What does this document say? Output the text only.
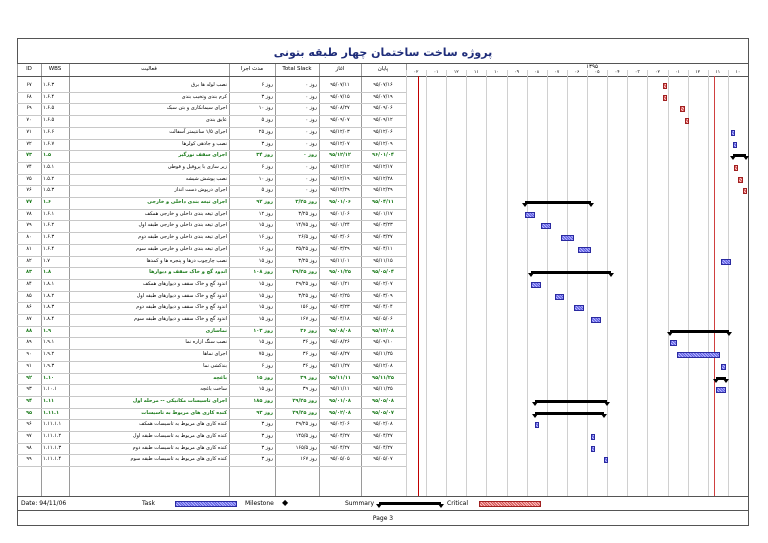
پروژه ساخت ساختمان چهار طبقه بتونی
Date: 94/11/06	Task	Milestone ◆	Summary	Critical
Page 3
ID	WBS	فعالیت	مدت اجرا	Total Slack	آغاز	پایان	۱۳۹۵
۱۰
۱۱
۱۲
۰۱
۰۲
۰۳
۰۴
۰۵
۰۶
۰۷
۰۸
۰۹
۱۰
۱۱
۱۲
۰۱
۰۲
۶۷	۱.۶.۳	نصب لوله ها برق	۶ روز	۰ روز	۹۵/۰۷/۱۱	۹۵/۰۷/۱۶
۶۸	۱.۶.۴	کرم بندی وتخیب بندی	۳ روز	۰ روز	۹۵/۰۷/۱۵	۹۵/۰۷/۱۹
۶۹	۱.۶.۵	اجرای سیمانکاری و بتن سبک	۱۰ روز	۰ روز	۹۵/۰۸/۲۷	۹۵/۰۹/۰۶
۷۰	۱.۶.۵	عایق بندی	۵ روز	۰ روز	۹۵/۰۹/۰۷	۹۵/۰۹/۱۲
۷۱	۱.۶.۶	اجرای ۱/۵ سانتیمتر آسفالت	۲۵ روز	۰ روز	۹۵/۱۲/۰۳	۹۵/۱۲/۰۶
۷۲	۱.۶.۷	نصب و جاذهی کولرها	۳ روز	۰ روز	۹۵/۱۲/۰۷	۹۵/۱۲/۰۹
۷۳	۱.۵	اجرای سقف نورگیر	۳۴ روز	۰ روز	۹۵/۱۲/۱۲	۹۶/۰۱/۰۴
۷۴	۱.۵.۱	زیر سازی با پروفیل و قوطی	۶ روز	۰ روز	۹۵/۱۲/۱۲	۹۵/۱۲/۱۷
۷۵	۱.۵.۲	نصب پوشش شیشه	۱۰ روز	۰ روز	۹۵/۱۲/۱۹	۹۵/۱۲/۲۸
۷۶	۱.۵.۳	اجرای درپوش دست انداز	۵ روز	۰ روز	۹۵/۱۲/۲۹	۹۵/۱۲/۲۹
۷۷	۱.۶	اجرای تیغه بندی داخلی و خارجی	۹۲ روز	۳/۲۵ روز	۹۵/۰۱/۰۶	۹۵/۰۴/۱۱
۷۸	۱.۶.۱	اجرای تیغه بندی داخلی و خارجی همکف	۱۲ روز	۳/۲۵ روز	۹۵/۰۱/۰۶	۹۵/۰۱/۱۷
۷۹	۱.۶.۲	اجرای تیغه بندی داخلی و خارجی طبقه اول	۱۵ روز	۱۴/۷۵ روز	۹۵/۰۱/۲۴	۹۵/۰۳/۲۳
۸۰	۱.۶.۳	اجرای تیغه بندی داخلی و خارجی طبقه دوم	۱۶ روز	۲۶/۵ روز	۹۵/۰۳/۰۶	۹۵/۰۳/۲۷
۸۱	۱.۶.۴	اجرای تیغه بندی داخلی و خارجی طبقه سوم	۱۶ روز	۳۵/۲۵ روز	۹۵/۰۳/۲۹	۹۵/۰۴/۱۱
۸۲	۱.۷	نصب چارچوب درها و پنجره ها و کمدها	۱۵ روز	۳/۲۵ روز	۹۵/۱۱/۰۱	۹۵/۱۱/۱۵
۸۳	۱.۸	اندود گچ و خاک سقف و دیوارها	۱۰۸ روز	۲۹/۲۵ روز	۹۵/۰۱/۲۵	۹۵/۰۵/۰۴
۸۴	۱.۸.۱	اندود گچ و خاک سقف و دیوارهای همکف	۱۵ روز	۲۹/۲۵ روز	۹۵/۰۱/۲۱	۹۵/۰۲/۰۷
۸۵	۱.۸.۲	اندود گچ و خاک سقف و دیوارهای طبقه اول	۱۵ روز	۳/۲۵ روز	۹۵/۰۲/۲۵	۹۵/۰۳/۰۹
۸۶	۱.۸.۳	اندود گچ و خاک سقف و دیوارهای طبقه دوم	۱۵ روز	۱۵۶ روز	۹۵/۰۳/۲۳	۹۵/۰۴/۰۴
۸۷	۱.۸.۴	اندود گچ و خاک سقف و دیوارهای طبقه سوم	۱۵ روز	۱۶۷ روز	۹۵/۰۴/۱۸	۹۵/۰۵/۰۶
۸۸	۱.۹	نماسازی	۱۰۳ روز	۳۶ روز	۹۵/۰۸/۰۸	۹۵/۱۲/۰۸
۸۹	۱.۹.۱	نصب سنگ ازاره نما	۱۵ روز	۳۶ روز	۹۵/۰۸/۲۶	۹۵/۰۹/۱۰
۹۰	۱.۹.۲	اجرای نماها	۷۵ روز	۳۶ روز	۹۵/۰۸/۲۷	۹۵/۱۱/۲۵
۹۱	۱.۹.۳	بندکشی نما	۶ روز	۳۶ روز	۹۵/۱۱/۲۷	۹۵/۱۲/۰۸
۹۲	۱.۱۰	باغچه	۱۵ روز	۳۹ روز	۹۵/۱۱/۱۱	۹۵/۱۱/۲۵
۹۳	۱.۱۰.۱	ساخت باغچه	۱۵ روز	۳۹ روز	۹۵/۱۱/۱۱	۹۵/۱۱/۲۵
۹۴	۱.۱۱	اجرای تاسیسات مکانیکی -- مرحله اول	۱۸۵ روز	۲۹/۲۵ روز	۹۵/۰۱/۰۸	۹۵/۰۵/۰۸
۹۵	۱.۱۱.۱	کنده کاری های مربوط به تاسیسات	۹۳ روز	۲۹/۲۵ روز	۹۵/۰۲/۰۸	۹۵/۰۵/۰۷
۹۶	۱.۱۱.۱.۱	کنده کاری های مربوط به تاسیسات همکف	۳ روز	۲۹/۲۵ روز	۹۵/۰۲/۰۶	۹۵/۰۲/۰۸
۹۷	۱.۱۱.۱.۲	کنده کاری های مربوط به تاسیسات طبقه اول	۳ روز	۱۴۵/۵ روز	۹۵/۰۴/۲۷	۹۵/۰۴/۲۷
۹۸	۱.۱۱.۱.۳	کنده کاری های مربوط به تاسیسات طبقه دوم	۳ روز	۱۶۵/۵ روز	۹۵/۰۴/۲۷	۹۵/۰۴/۲۷
۹۹	۱.۱۱.۱.۴	کنده کاری های مربوط به تاسیسات طبقه سوم	۳ روز	۱۶۷ روز	۹۵/۰۵/۰۵	۹۵/۰۵/۰۷
